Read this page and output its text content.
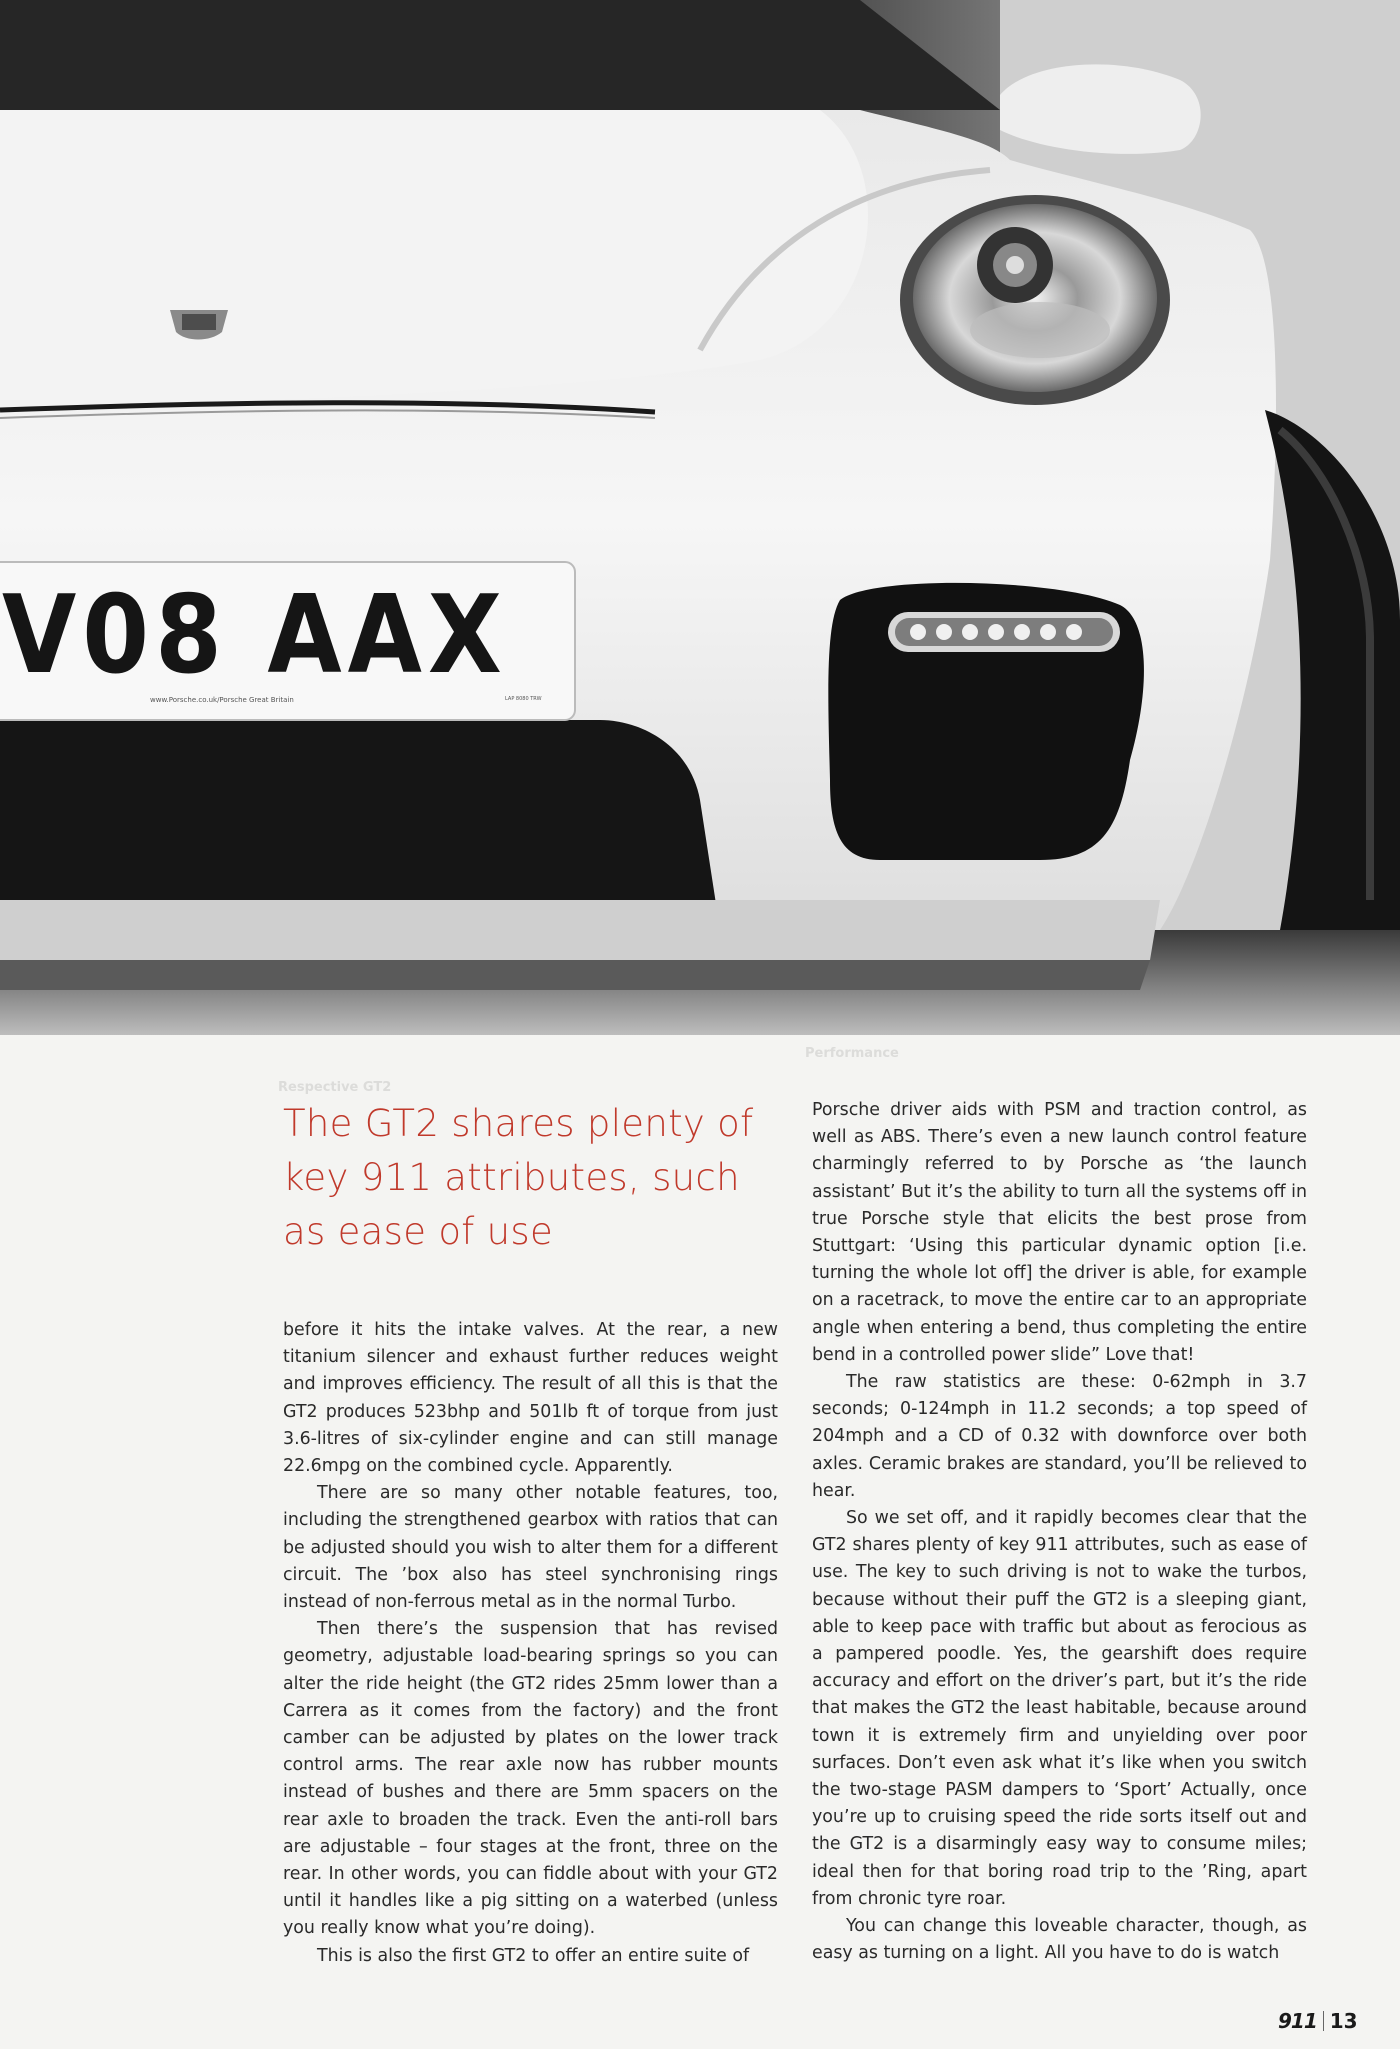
V08 AAX
www.Porsche.co.uk/Porsche Great Britain	LAP 8080 TRW
Respective GT2
Performance
The GT2 shares plenty of key 911 attributes, such as ease of use

before it hits the intake valves. At the rear, a new titanium silencer and exhaust further reduces weight and improves efficiency. The result of all this is that the GT2 produces 523bhp and 501lb ft of torque from just 3.6-litres of six-cylinder engine and can still manage 22.6mpg on the combined cycle. Apparently.

There are so many other notable features, too, including the strengthened gearbox with ratios that can be adjusted should you wish to alter them for a different circuit. The ’box also has steel synchronising rings instead of non-ferrous metal as in the normal Turbo.

Then there’s the suspension that has revised geometry, adjustable load-bearing springs so you can alter the ride height (the GT2 rides 25mm lower than a Carrera as it comes from the factory) and the front camber can be adjusted by plates on the lower track control arms. The rear axle now has rubber mounts instead of bushes and there are 5mm spacers on the rear axle to broaden the track. Even the anti-roll bars are adjustable – four stages at the front, three on the rear. In other words, you can fiddle about with your GT2 until it handles like a pig sitting on a waterbed (unless you really know what you’re doing).

This is also the first GT2 to offer an entire suite of

Porsche driver aids with PSM and traction control, as well as ABS. There’s even a new launch control feature charmingly referred to by Porsche as ‘the launch assistant’ But it’s the ability to turn all the systems off in true Porsche style that elicits the best prose from Stuttgart: ‘Using this particular dynamic option [i.e. turning the whole lot off] the driver is able, for example on a racetrack, to move the entire car to an appropriate angle when entering a bend, thus completing the entire bend in a controlled power slide” Love that!

The raw statistics are these: 0-62mph in 3.7 seconds; 0-124mph in 11.2 seconds; a top speed of 204mph and a CD of 0.32 with downforce over both axles. Ceramic brakes are standard, you’ll be relieved to hear.

So we set off, and it rapidly becomes clear that the GT2 shares plenty of key 911 attributes, such as ease of use. The key to such driving is not to wake the turbos, because without their puff the GT2 is a sleeping giant, able to keep pace with traffic but about as ferocious as a pampered poodle. Yes, the gearshift does require accuracy and effort on the driver’s part, but it’s the ride that makes the GT2 the least habitable, because around town it is extremely firm and unyielding over poor surfaces. Don’t even ask what it’s like when you switch the two-stage PASM dampers to ‘Sport’ Actually, once you’re up to cruising speed the ride sorts itself out and the GT2 is a disarmingly easy way to consume miles; ideal then for that boring road trip to the ’Ring, apart from chronic tyre roar.

You can change this loveable character, though, as easy as turning on a light. All you have to do is watch

911 13
